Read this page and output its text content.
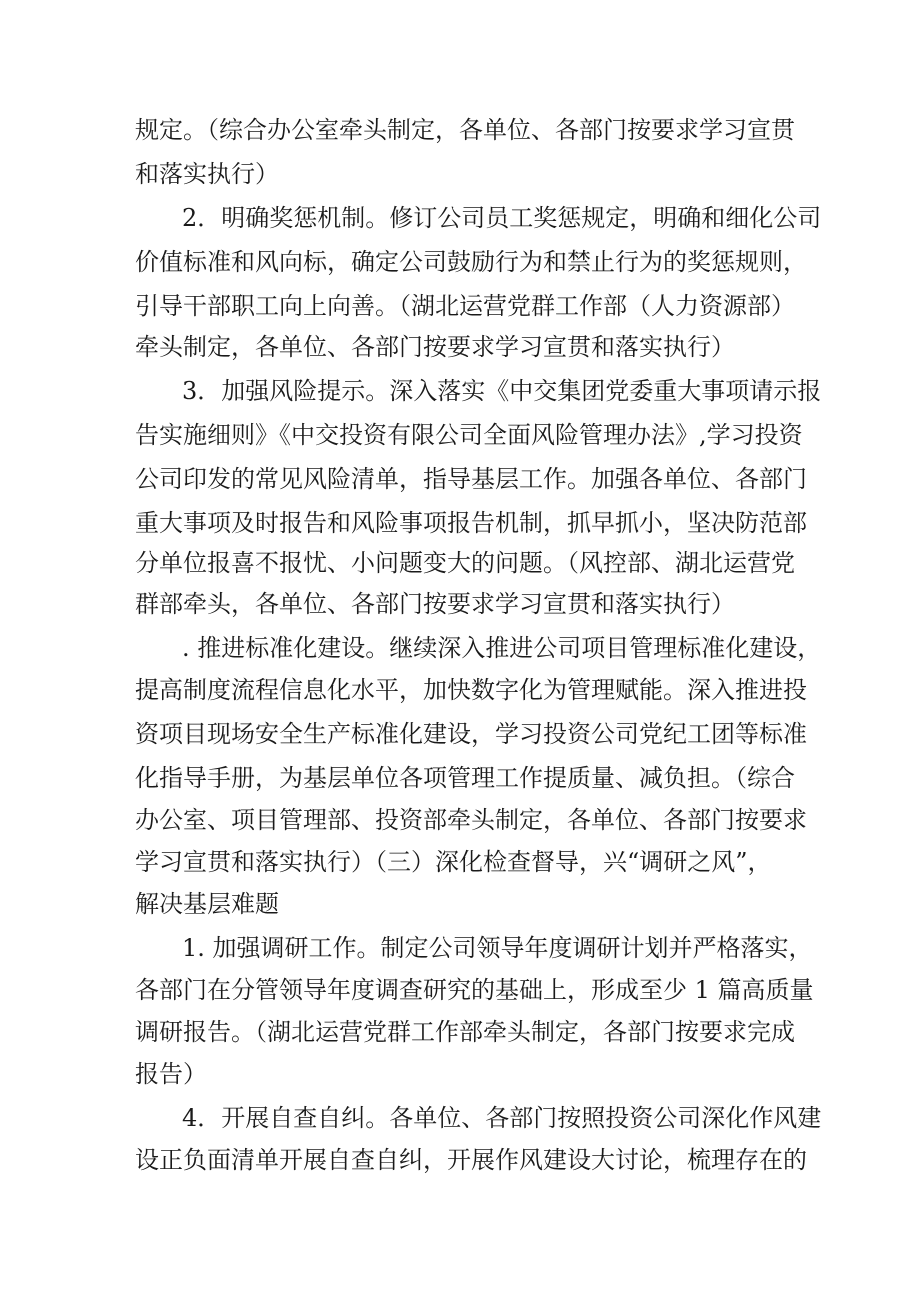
规定。（综合办公室牵头制定，各单位、各部门按要求学习宣贯
和落实执行）
2．明确奖惩机制。修订公司员工奖惩规定，明确和细化公司
价值标准和风向标，确定公司鼓励行为和禁止行为的奖惩规则，
引导干部职工向上向善。（湖北运营党群工作部（人力资源部）
牵头制定，各单位、各部门按要求学习宣贯和落实执行）
3．加强风险提示。深入落实《中交集团党委重大事项请示报
告实施细则》《中交投资有限公司全面风险管理办法》,学习投资
公司印发的常见风险清单，指导基层工作。加强各单位、各部门
重大事项及时报告和风险事项报告机制，抓早抓小，坚决防范部
分单位报喜不报忧、小问题变大的问题。（风控部、湖北运营党
群部牵头，各单位、各部门按要求学习宣贯和落实执行）
. 推进标准化建设。继续深入推进公司项目管理标准化建设，
提高制度流程信息化水平，加快数字化为管理赋能。深入推进投
资项目现场安全生产标准化建设，学习投资公司党纪工团等标准
化指导手册，为基层单位各项管理工作提质量、减负担。（综合
办公室、项目管理部、投资部牵头制定，各单位、各部门按要求
学习宣贯和落实执行）（三）深化检查督导，兴“调研之风”，
解决基层难题
1. 加强调研工作。制定公司领导年度调研计划并严格落实，
各部门在分管领导年度调查研究的基础上，形成至少 1 篇高质量
调研报告。（湖北运营党群工作部牵头制定，各部门按要求完成
报告）
4．开展自查自纠。各单位、各部门按照投资公司深化作风建
设正负面清单开展自查自纠，开展作风建设大讨论，梳理存在的
